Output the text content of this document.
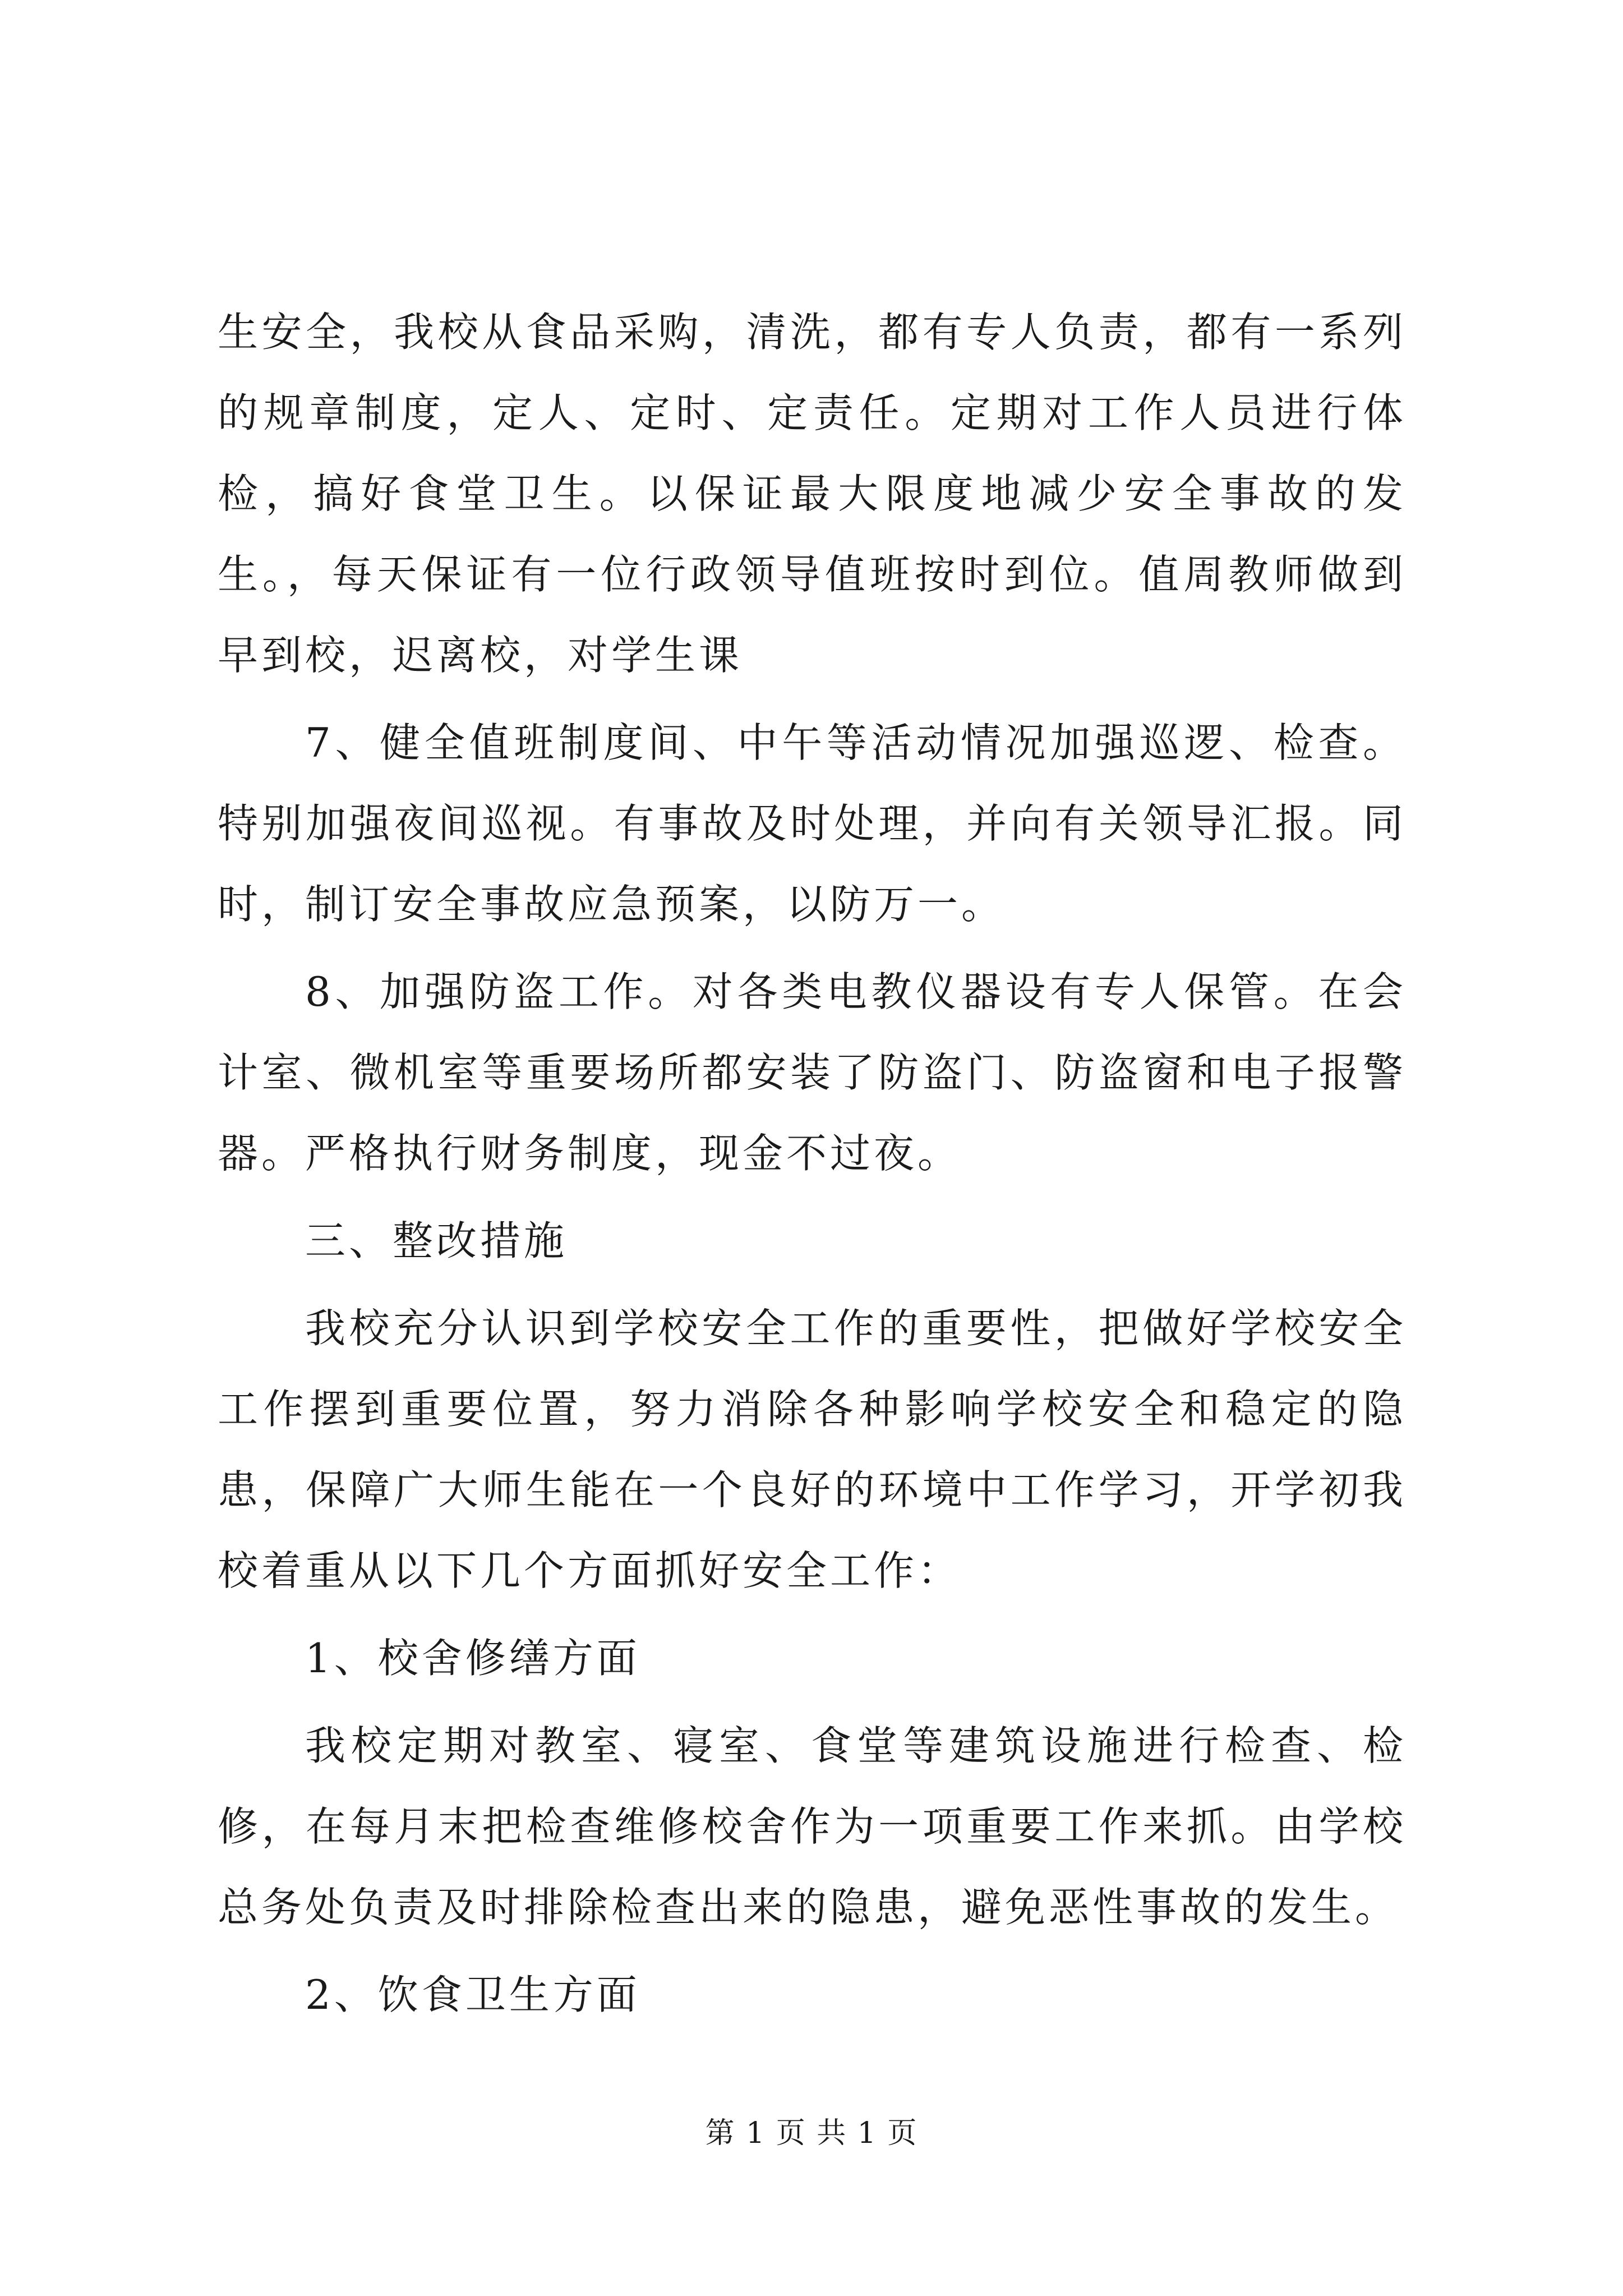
生安全，我校从食品采购，清洗，都有专人负责，都有一系列的规章制度，定人、定时、定责任。定期对工作人员进行体检，搞好食堂卫生。以保证最大限度地减少安全事故的发生。，每天保证有一位行政领导值班按时到位。值周教师做到早到校，迟离校，对学生课

7、健全值班制度间、中午等活动情况加强巡逻、检查。特别加强夜间巡视。有事故及时处理，并向有关领导汇报。同时，制订安全事故应急预案，以防万一。

8、加强防盗工作。对各类电教仪器设有专人保管。在会计室、微机室等重要场所都安装了防盗门、防盗窗和电子报警器。严格执行财务制度，现金不过夜。

三、整改措施

我校充分认识到学校安全工作的重要性，把做好学校安全工作摆到重要位置，努力消除各种影响学校安全和稳定的隐患，保障广大师生能在一个良好的环境中工作学习，开学初我校着重从以下几个方面抓好安全工作：

1、校舍修缮方面

我校定期对教室、寝室、食堂等建筑设施进行检查、检修，在每月末把检查维修校舍作为一项重要工作来抓。由学校总务处负责及时排除检查出来的隐患，避免恶性事故的发生。

2、饮食卫生方面

第 1 页 共 1 页
